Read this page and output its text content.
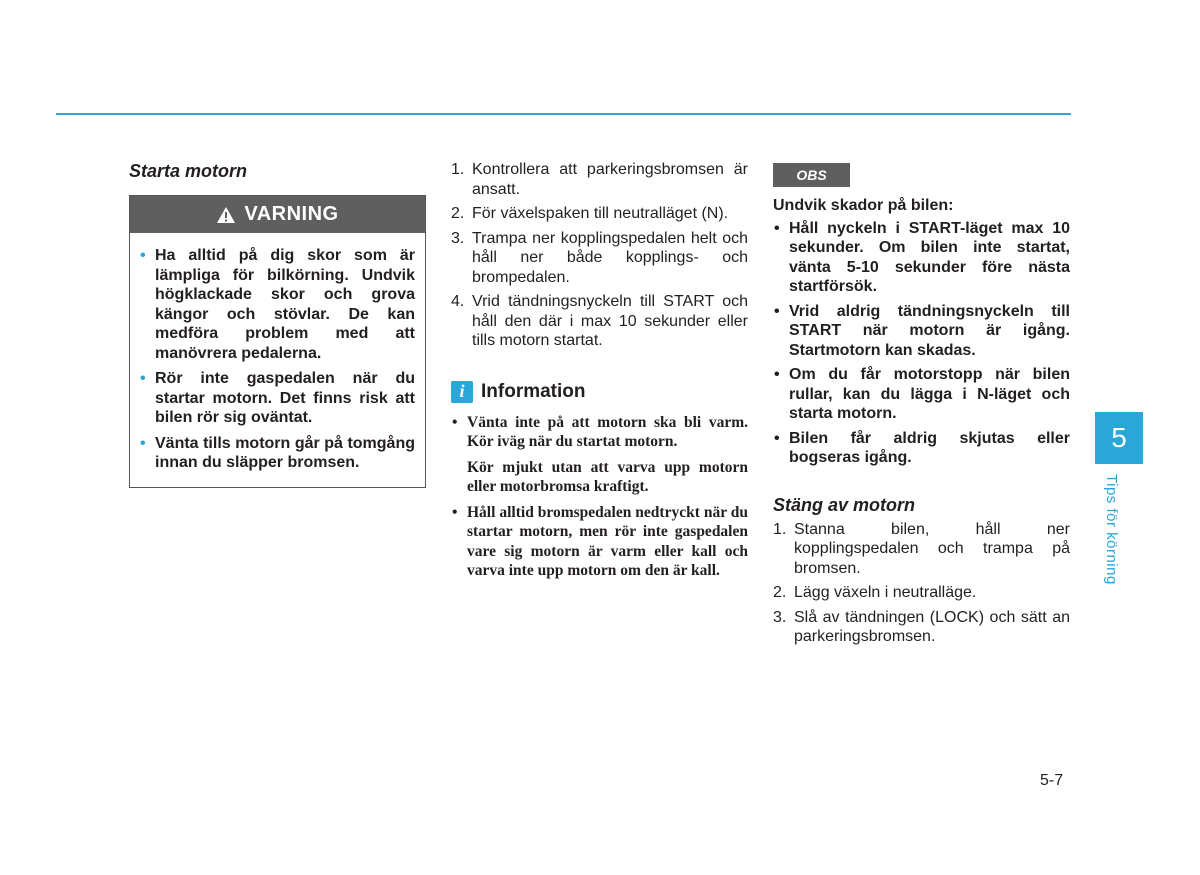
Starta motorn
VARNING
• Ha alltid på dig skor som är lämpliga för bilkörning. Undvik högklackade skor och grova kängor och stövlar. De kan medföra problem med att manövrera pedalerna.
• Rör inte gaspedalen när du startar motorn. Det finns risk att bilen rör sig oväntat.
• Vänta tills motorn går på tomgång innan du släpper bromsen.
1. Kontrollera att parkeringsbromsen är ansatt.
2. För växelspaken till neutralläget (N).
3. Trampa ner kopplingspedalen helt och håll ner både kopplings- och brompedalen.
4. Vrid tändningsnyckeln till START och håll den där i max 10 sekunder eller tills motorn startat.
i Information
• Vänta inte på att motorn ska bli varm. Kör iväg när du startat motorn.
Kör mjukt utan att varva upp motorn eller motorbromsa kraftigt.
• Håll alltid bromspedalen nedtryckt när du startar motorn, men rör inte gaspedalen vare sig motorn är varm eller kall och varva inte upp motorn om den är kall.
OBS
Undvik skador på bilen:
• Håll nyckeln i START-läget max 10 sekunder. Om bilen inte startat, vänta 5-10 sekunder före nästa startförsök.
• Vrid aldrig tändningsnyckeln till START när motorn är igång. Startmotorn kan skadas.
• Om du får motorstopp när bilen rullar, kan du lägga i N-läget och starta motorn.
• Bilen får aldrig skjutas eller bogseras igång.
Stäng av motorn
1. Stanna bilen, håll ner kopplingspedalen och trampa på bromsen.
2. Lägg växeln i neutralläge.
3. Slå av tändningen (LOCK) och sätt an parkeringsbromsen.
5
Tips för körning
5-7
